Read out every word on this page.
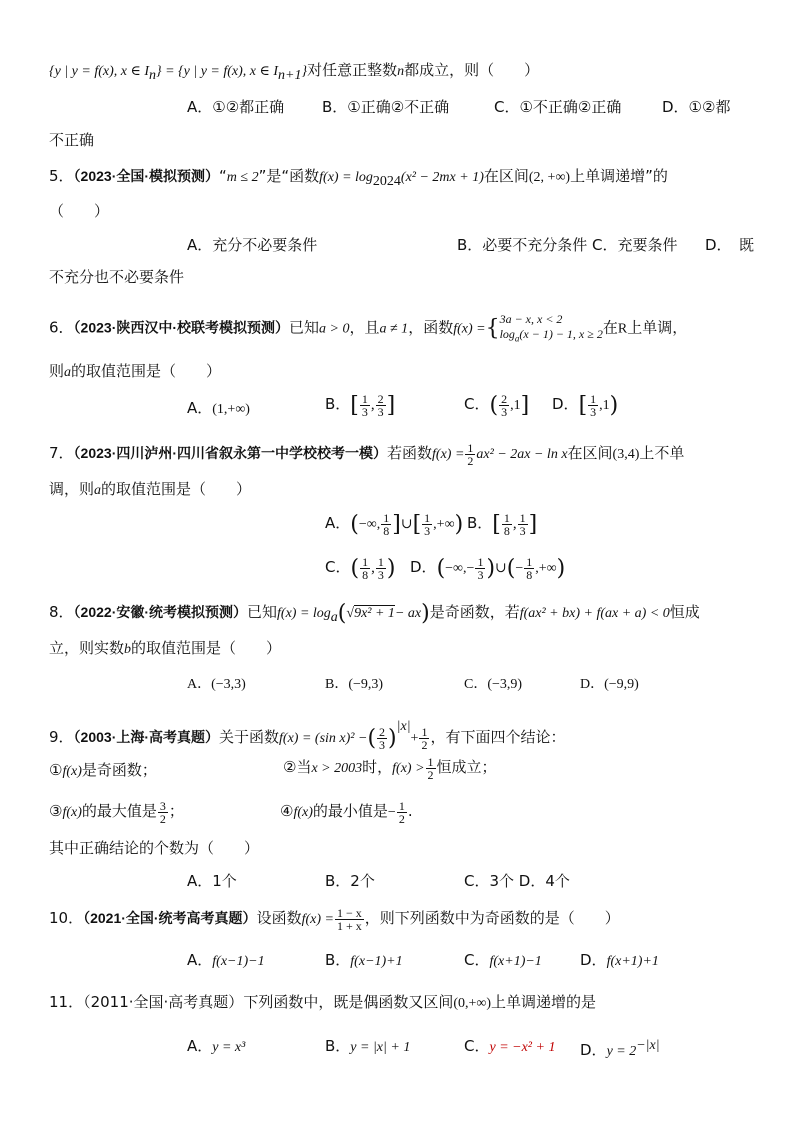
{y | y = f(x), x ∈ $I_n\} = \{y$ | y = f(x), x ∈ $I_{n+1}$}对任意正整数n都成立，则（　　）
A．①②都正确	B．①正确②不正确	C．①不正确②正确	D．①②都
不正确
5．（2023·全国·模拟预测）“m ≤ 2”是“函数$f(x) = \log_{2024}(x^2 - 2mx + 1)$在区间(2, +∞)上单调递增”的
（　　）
A．充分不必要条件	B．必要不充分条件 C．充要条件 D．　既
不充分也不必要条件
6．（2023·陕西汉中·校联考模拟预测）已知a > 0，且a ≠ 1，函数f(x) ={ 3a − x, x < 2
$\log_a(x - 1) - 1$, x ≥ 2 在R上单调，
则a的取值范围是（　　）
A．(1,+∞)	B．[ $\frac{1}{3}$ , $\frac{2}{3}$ ]	C．( $\frac{2}{3} ,1$] D．[ $\frac{1}{3} ,1$)
7．（2023·四川泸州·四川省叙永第一中学校校考一模）若函数$f(x) = \frac{1}{2} ax^2 - 2ax - \ln x$在区间(3,4)上不单
调，则a的取值范围是（　　）
A．(−∞, $\frac{1}{8}$ ]∪[ $\frac{1}{3}$ ,+∞) B．[ $\frac{1}{8}$ , $\frac{1}{3}$ ]
C．( $\frac{1}{8}$ , $\frac{1}{3}$ ) D．(−∞,− $\frac{1}{3}$ )∪(− $\frac{1}{8}$ ,+∞)
8．（2022·安徽·统考模拟预测）已知$f(x) = \log_a(√9x^2 + 1- ax)$是奇函数，若f(ax² + bx) + f(ax + a) < 0恒成
立，则实数b的取值范围是（　　）
A．(−3,3)	B．(−9,3)	C．(−3,9)	D．(−9,9)
9．（2003·上海·高考真题）关于函数f(x) = (sin x)² −( $\frac{2}{3} )^{|x|}+ \frac{1}{2}$ ，有下面四个结论：
①f(x)是奇函数；	②当x > 2003时，$f(x) > \frac{1}{2}$ 恒成立；
③f(x)的最大值是 $\frac{3}{2}$ ；	④f(x)的最小值是− $\frac{1}{2}$ .
其中正确结论的个数为（　　）
A．1个	B．2个	C．3个 D．4个
10．（2021·全国·统考高考真题）设函数$f(x) = \frac{1 - x}{1 + x}$ ，则下列函数中为奇函数的是（　　）
A．f(x−1)−1	B．f(x−1)+1	C．f(x+1)−1	D．f(x+1)+1
11．（2011·全国·高考真题）下列函数中，既是偶函数又区间(0,+∞)上单调递增的是
A．y = x³	B．y = |x| + 1	C．y = −x² + 1 D．$y = 2^{-|x|}$
